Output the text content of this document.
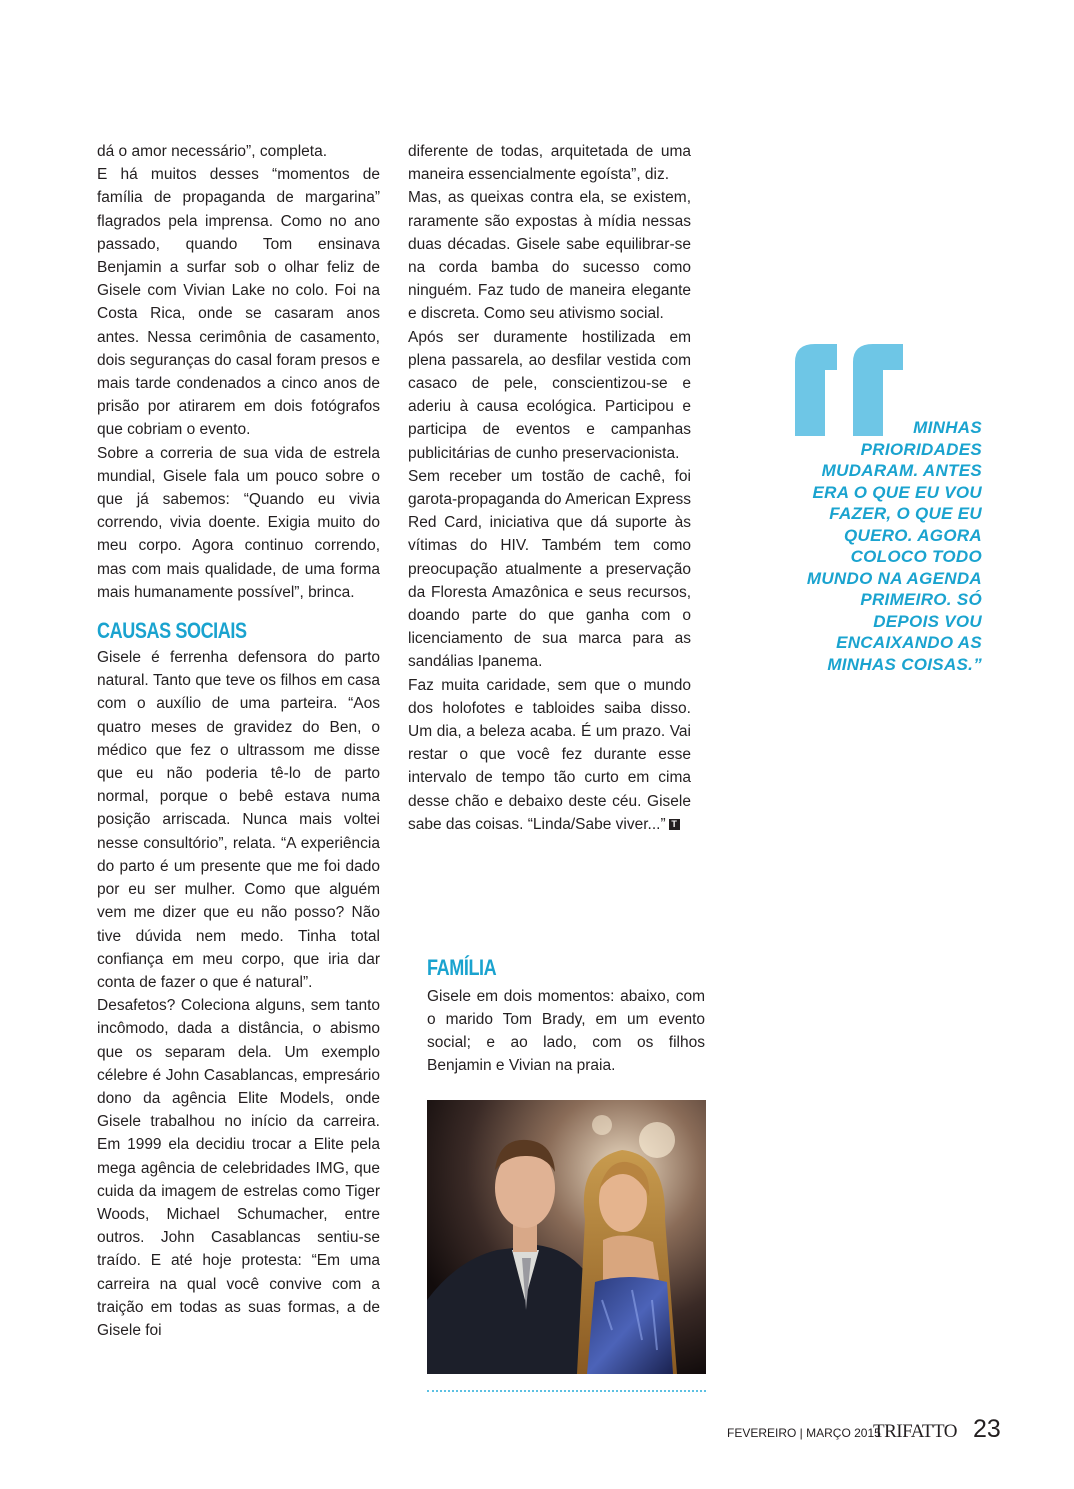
dá o amor necessário”, completa.

E há muitos desses “momentos de família de propaganda de margarina” flagrados pela imprensa. Como no ano passado, quando Tom ensinava Benjamin a surfar sob o olhar feliz de Gisele com Vivian Lake no colo. Foi na Costa Rica, onde se casaram anos antes. Nessa cerimônia de casamento, dois seguranças do casal foram presos e mais tarde condenados a cinco anos de prisão por atirarem em dois fotógrafos que cobriam o evento.

Sobre a correria de sua vida de estrela mundial, Gisele fala um pouco sobre o que já sabemos: “Quando eu vivia correndo, vivia doente. Exigia muito do meu corpo. Agora continuo correndo, mas com mais qualidade, de uma forma mais humanamente possível”, brinca.

CAUSAS SOCIAIS

Gisele é ferrenha defensora do parto natural. Tanto que teve os filhos em casa com o auxílio de uma parteira. “Aos quatro meses de gravidez do Ben, o médico que fez o ultrassom me disse que eu não poderia tê-lo de parto normal, porque o bebê estava numa posição arriscada. Nunca mais voltei nesse consultório”, relata. “A experiência do parto é um presente que me foi dado por eu ser mulher. Como que alguém vem me dizer que eu não posso? Não tive dúvida nem medo. Tinha total confiança em meu corpo, que iria dar conta de fazer o que é natural”.

Desafetos? Coleciona alguns, sem tanto incômodo, dada a distância, o abismo que os separam dela. Um exemplo célebre é John Casablancas, empresário dono da agência Elite Models, onde Gisele trabalhou no início da carreira. Em 1999 ela decidiu trocar a Elite pela mega agência de celebridades IMG, que cuida da imagem de estrelas como Tiger Woods, Michael Schumacher, entre outros. John Casablancas sentiu-se traído. E até hoje protesta: “Em uma carreira na qual você convive com a traição em todas as suas formas, a de Gisele foi

diferente de todas, arquitetada de uma maneira essencialmente egoísta”, diz.

Mas, as queixas contra ela, se existem, raramente são expostas à mídia nessas duas décadas. Gisele sabe equilibrar-se na corda bamba do sucesso como ninguém. Faz tudo de maneira elegante e discreta. Como seu ativismo social.

Após ser duramente hostilizada em plena passarela, ao desfilar vestida com casaco de pele, conscientizou-se e aderiu à causa ecológica. Participou e participa de eventos e campanhas publicitárias de cunho preservacionista.

Sem receber um tostão de cachê, foi garota-propaganda do American Express Red Card, iniciativa que dá suporte às vítimas do HIV. Também tem como preocupação atualmente a preservação da Floresta Amazônica e seus recursos, doando parte do que ganha com o licenciamento de sua marca para as sandálias Ipanema.

Faz muita caridade, sem que o mundo dos holofotes e tabloides saiba disso. Um dia, a beleza acaba. É um prazo. Vai restar o que você fez durante esse intervalo de tempo tão curto em cima desse chão e debaixo deste céu. Gisele sabe das coisas. “Linda/Sabe viver...” T

MINHAS PRIORIDADES MUDARAM. ANTES ERA O QUE EU VOU FAZER, O QUE EU QUERO. AGORA COLOCO TODO MUNDO NA AGENDA PRIMEIRO. SÓ DEPOIS VOU ENCAIXANDO AS MINHAS COISAS.”
FAMÍLIA

Gisele em dois momentos: abaixo, com o marido Tom Brady, em um evento social; e ao lado, com os filhos Benjamin e Vivian na praia.

FEVEREIRO | MARÇO 2015
TRIFATTO 23
